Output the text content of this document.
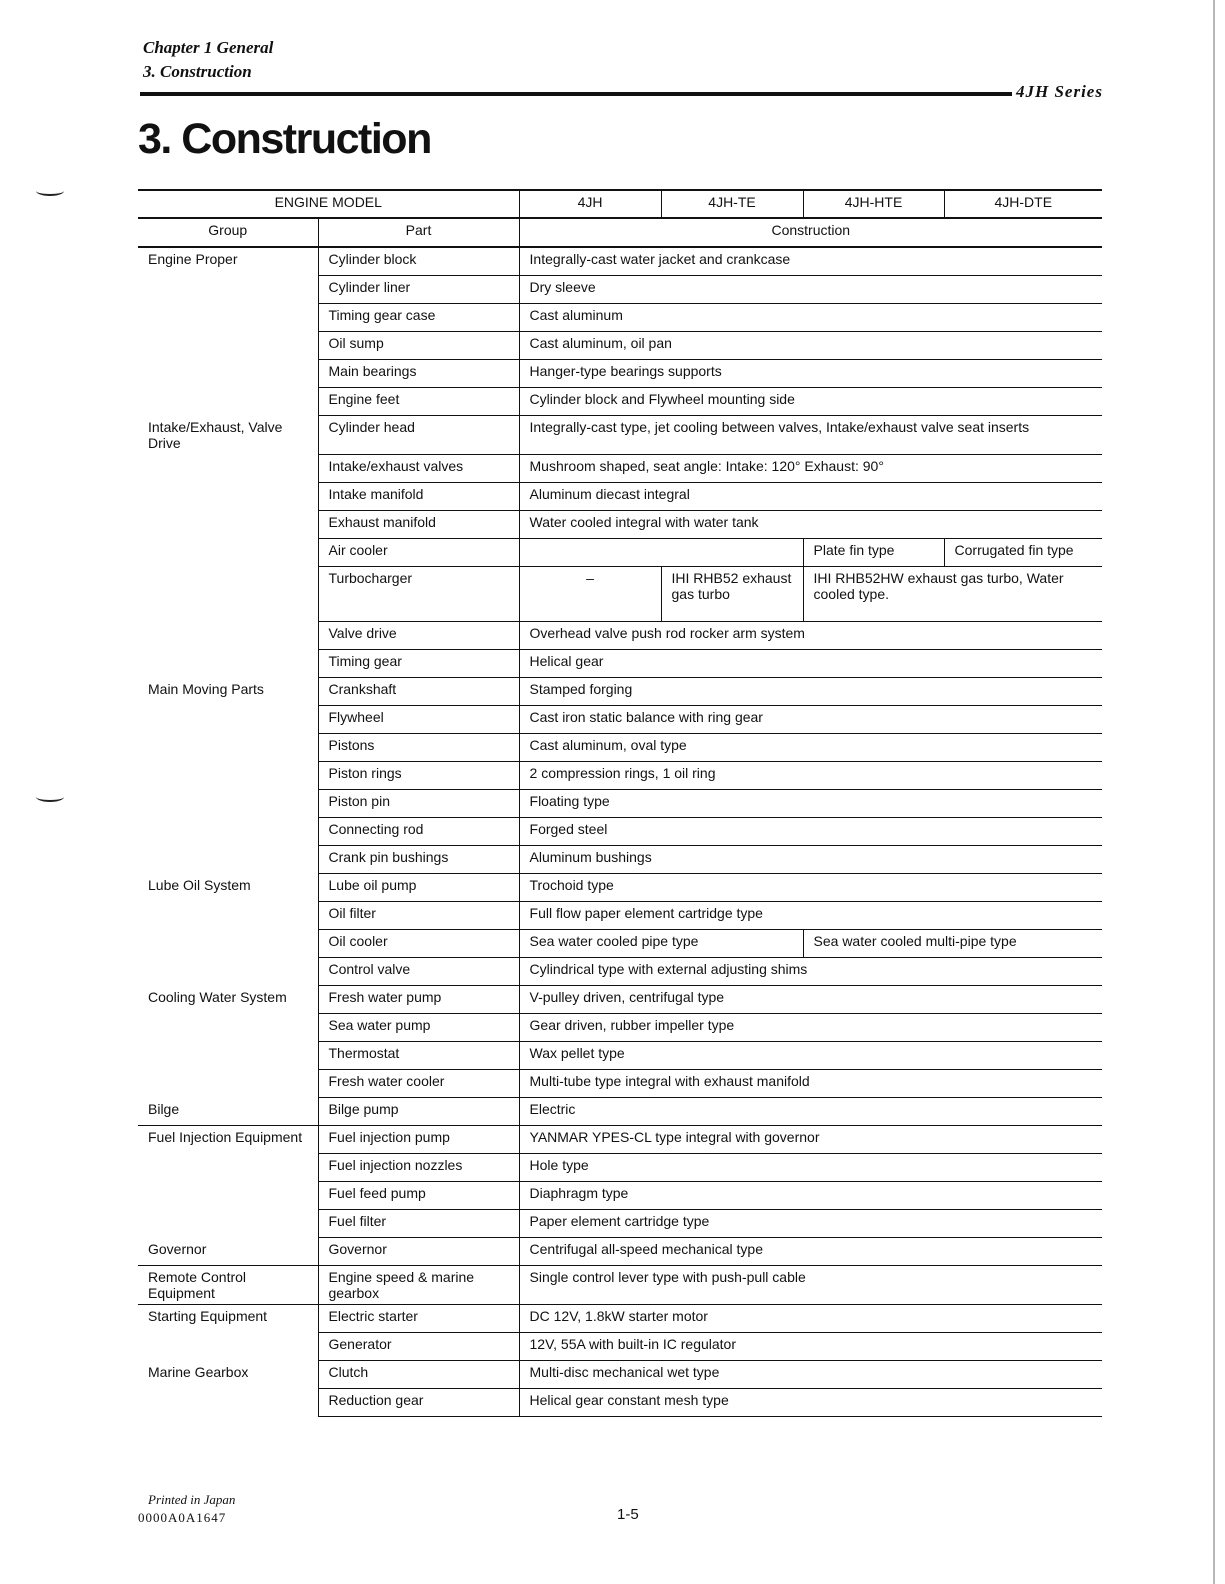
Chapter 1 General
3. Construction
4JH Series
3. Construction
ENGINE MODEL		4JH	4JH-TE	4JH-HTE	4JH-DTE
Group	Part	Construction			
Engine Proper	Cylinder block	Integrally-cast water jacket and crankcase			
	Cylinder liner	Dry sleeve			
	Timing gear case	Cast aluminum			
	Oil sump	Cast aluminum, oil pan			
	Main bearings	Hanger-type bearings supports			
	Engine feet	Cylinder block and Flywheel mounting side			
Intake/Exhaust, Valve Drive	Cylinder head	Integrally-cast type, jet cooling between valves, Intake/exhaust valve seat inserts			
	Intake/exhaust valves	Mushroom shaped, seat angle: Intake: 120° Exhaust: 90°			
	Intake manifold	Aluminum diecast integral			
	Exhaust manifold	Water cooled integral with water tank			
	Air cooler			Plate fin type	Corrugated fin type
	Turbocharger	–	IHI RHB52 exhaust gas turbo	IHI RHB52HW exhaust gas turbo, Water cooled type.	
	Valve drive	Overhead valve push rod rocker arm system			
	Timing gear	Helical gear			
Main Moving Parts	Crankshaft	Stamped forging			
	Flywheel	Cast iron static balance with ring gear			
	Pistons	Cast aluminum, oval type			
	Piston rings	2 compression rings, 1 oil ring			
	Piston pin	Floating type			
	Connecting rod	Forged steel			
	Crank pin bushings	Aluminum bushings			
Lube Oil System	Lube oil pump	Trochoid type			
	Oil filter	Full flow paper element cartridge type			
	Oil cooler	Sea water cooled pipe type		Sea water cooled multi-pipe type	
	Control valve	Cylindrical type with external adjusting shims			
Cooling Water System	Fresh water pump	V-pulley driven, centrifugal type			
	Sea water pump	Gear driven, rubber impeller type			
	Thermostat	Wax pellet type			
	Fresh water cooler	Multi-tube type integral with exhaust manifold			
Bilge	Bilge pump	Electric			
Fuel Injection Equipment	Fuel injection pump	YANMAR YPES-CL type integral with governor			
	Fuel injection nozzles	Hole type			
	Fuel feed pump	Diaphragm type			
	Fuel filter	Paper element cartridge type			
Governor	Governor	Centrifugal all-speed mechanical type			
Remote Control Equipment	Engine speed & marine gearbox	Single control lever type with push-pull cable			
Starting Equipment	Electric starter	DC 12V, 1.8kW starter motor			
	Generator	12V, 55A with built-in IC regulator			
Marine Gearbox	Clutch	Multi-disc mechanical wet type			
	Reduction gear	Helical gear constant mesh type			
Printed in Japan
0000A0A1647	1-5
